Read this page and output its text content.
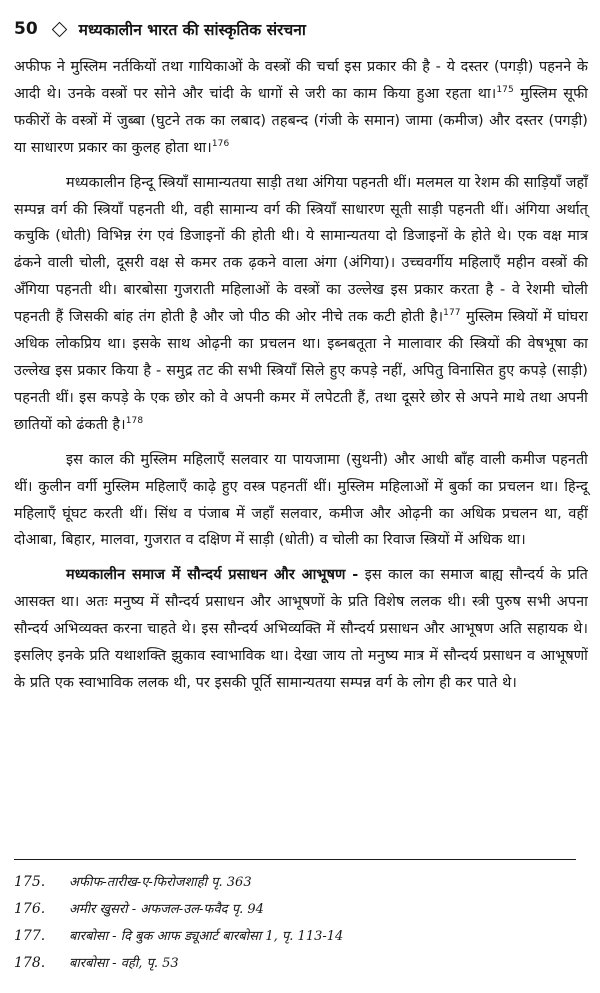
50	मध्यकालीन भारत की सांस्कृतिक संरचना

अफीफ ने मुस्लिम नर्तकियों तथा गायिकाओं के वस्त्रों की चर्चा इस प्रकार की है - ये दस्तर (पगड़ी) पहनने के आदी थे। उनके वस्त्रों पर सोने और चांदी के धागों से जरी का काम किया हुआ रहता था।$^{175}$ मुस्लिम सूफी फकीरों के वस्त्रों में जुब्बा (घुटने तक का लबाद) तहबन्द (गंजी के समान) जामा (कमीज) और दस्तर (पगड़ी) या साधारण प्रकार का कुलह होता था।$^{176}$

मध्यकालीन हिन्दू स्त्रियाँ सामान्यतया साड़ी तथा अंगिया पहनती थीं। मलमल या रेशम की साड़ियाँ जहाँ सम्पन्न वर्ग की स्त्रियाँ पहनती थी, वही सामान्य वर्ग की स्त्रियाँ साधारण सूती साड़ी पहनती थीं। अंगिया अर्थात् कचुकि (धोती) विभिन्न रंग एवं डिजाइनों की होती थी। ये सामान्यतया दो डिजाइनों के होते थे। एक वक्ष मात्र ढंकने वाली चोली, दूसरी वक्ष से कमर तक ढ़कने वाला अंगा (अंगिया)। उच्चवर्गीय महिलाएँ महीन वस्त्रों की अँगिया पहनती थी। बारबोसा गुजराती महिलाओं के वस्त्रों का उल्लेख इस प्रकार करता है - वे रेशमी चोली पहनती हैं जिसकी बांह तंग होती है और जो पीठ की ओर नीचे तक कटी होती है।$^{177}$ मुस्लिम स्त्रियों में घांघरा अधिक लोकप्रिय था। इसके साथ ओढ़नी का प्रचलन था। इब्नबतूता ने मालावार की स्त्रियों की वेषभूषा का उल्लेख इस प्रकार किया है - समुद्र तट की सभी स्त्रियाँ सिले हुए कपड़े नहीं, अपितु विनासित हुए कपड़े (साड़ी) पहनती थीं। इस कपड़े के एक छोर को वे अपनी कमर में लपेटती हैं, तथा दूसरे छोर से अपने माथे तथा अपनी छातियों को ढंकती है।$^{178}$

इस काल की मुस्लिम महिलाएँ सलवार या पायजामा (सुथनी) और आधी बाँह वाली कमीज पहनती थीं। कुलीन वर्गी मुस्लिम महिलाएँ काढ़े हुए वस्त्र पहनतीं थीं। मुस्लिम महिलाओं में बुर्का का प्रचलन था। हिन्दू महिलाएँ घूंघट करती थीं। सिंध व पंजाब में जहाँ सलवार, कमीज और ओढ़नी का अधिक प्रचलन था, वहीं दोआबा, बिहार, मालवा, गुजरात व दक्षिण में साड़ी (धोती) व चोली का रिवाज स्त्रियों में अधिक था।

मध्यकालीन समाज में सौन्दर्य प्रसाधन और आभूषण - इस काल का समाज बाह्य सौन्दर्य के प्रति आसक्त था। अतः मनुष्य में सौन्दर्य प्रसाधन और आभूषणों के प्रति विशेष ललक थी। स्त्री पुरुष सभी अपना सौन्दर्य अभिव्यक्त करना चाहते थे। इस सौन्दर्य अभिव्यक्ति में सौन्दर्य प्रसाधन और आभूषण अति सहायक थे। इसलिए इनके प्रति यथाशक्ति झुकाव स्वाभाविक था। देखा जाय तो मनुष्य मात्र में सौन्दर्य प्रसाधन व आभूषणों के प्रति एक स्वाभाविक ललक थी, पर इसकी पूर्ति सामान्यतया सम्पन्न वर्ग के लोग ही कर पाते थे।

175.	अफीफ-तारीख-ए-फिरोजशाही पृ. 363
176.	अमीर खुसरो - अफजल-उल-फवैद पृ. 94
177.	बारबोसा - दि बुक आफ ड्यूआर्ट बारबोसा 1, पृ. 113-14
178.	बारबोसा - वही, पृ. 53
